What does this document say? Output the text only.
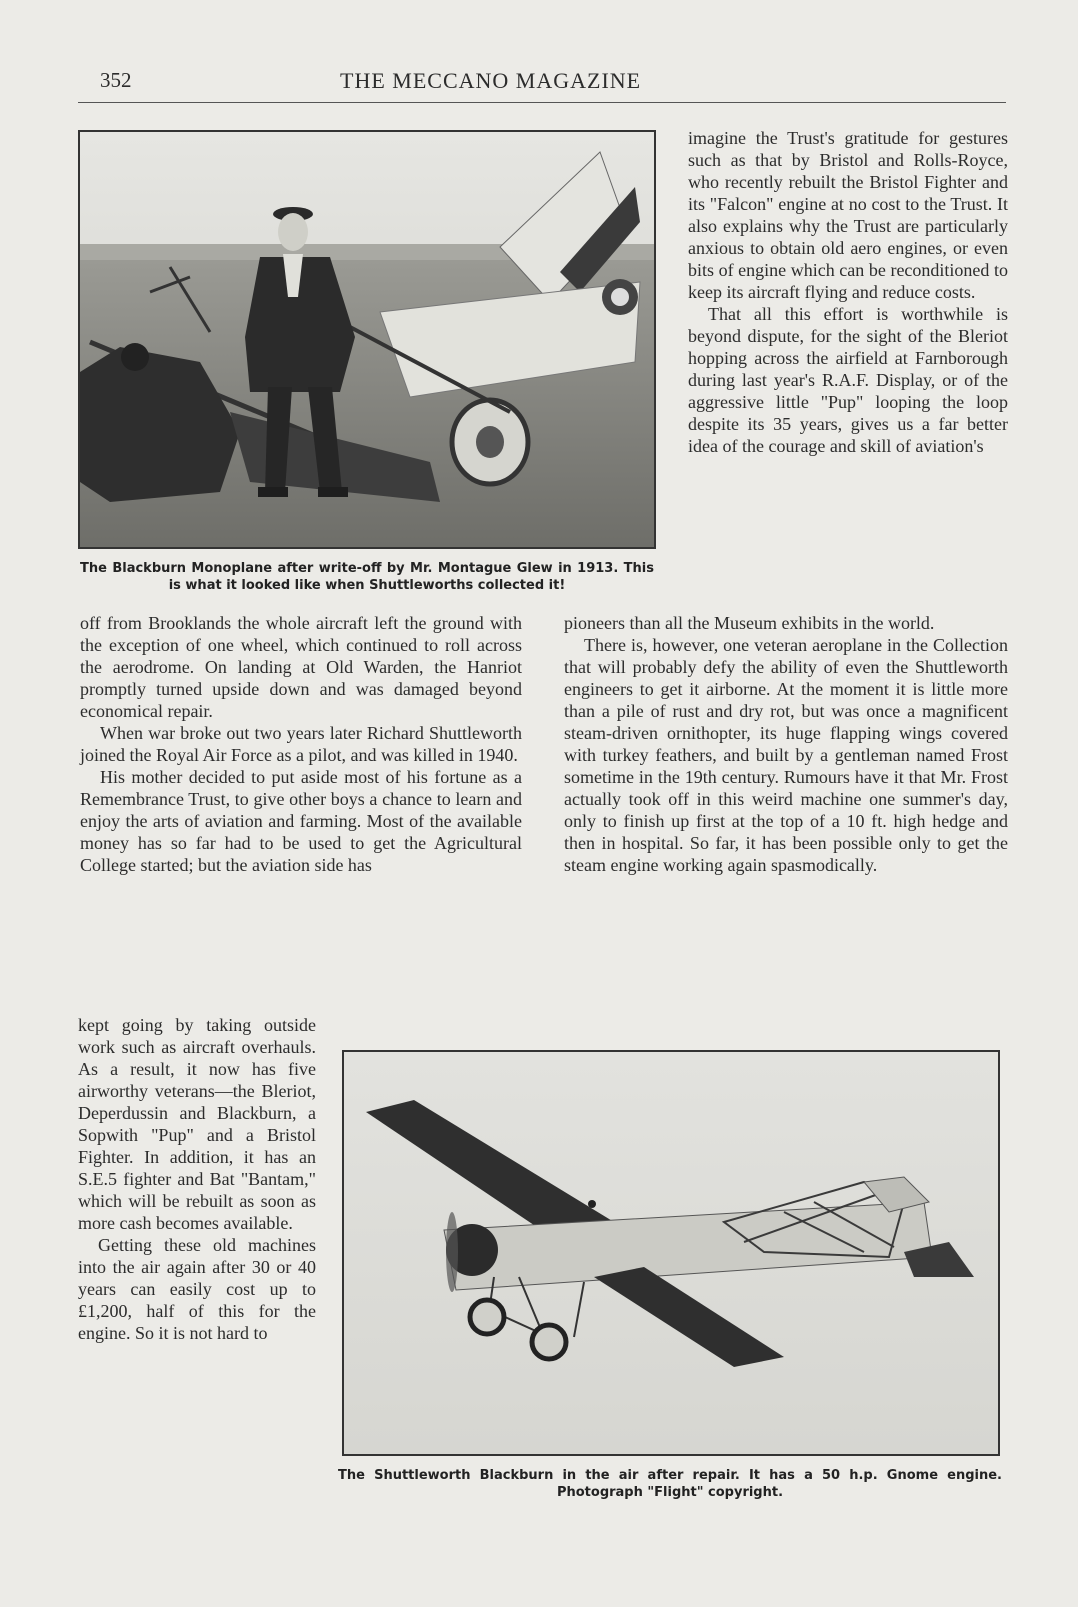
352	THE MECCANO MAGAZINE
The Blackburn Monoplane after write-off by Mr. Montague Glew in 1913. This is what it looked like when Shuttleworths collected it!

imagine the Trust's gratitude for gestures such as that by Bristol and Rolls-Royce, who recently rebuilt the Bristol Fighter and its "Falcon" engine at no cost to the Trust. It also explains why the Trust are particularly anxious to obtain old aero engines, or even bits of engine which can be reconditioned to keep its aircraft flying and reduce costs.

That all this effort is worthwhile is beyond dispute, for the sight of the Bleriot hopping across the airfield at Farnborough during last year's R.A.F. Display, or of the aggressive little "Pup" looping the loop despite its 35 years, gives us a far better idea of the courage and skill of aviation's

off from Brooklands the whole aircraft left the ground with the exception of one wheel, which continued to roll across the aerodrome. On landing at Old Warden, the Hanriot promptly turned upside down and was damaged beyond economical repair.

When war broke out two years later Richard Shuttleworth joined the Royal Air Force as a pilot, and was killed in 1940.

His mother decided to put aside most of his fortune as a Remembrance Trust, to give other boys a chance to learn and enjoy the arts of aviation and farming. Most of the available money has so far had to be used to get the Agricultural College started; but the aviation side has

pioneers than all the Museum exhibits in the world.

There is, however, one veteran aeroplane in the Collection that will probably defy the ability of even the Shuttleworth engineers to get it airborne. At the moment it is little more than a pile of rust and dry rot, but was once a magnificent steam-driven ornithopter, its huge flapping wings covered with turkey feathers, and built by a gentleman named Frost sometime in the 19th century. Rumours have it that Mr. Frost actually took off in this weird machine one summer's day, only to finish up first at the top of a 10 ft. high hedge and then in hospital. So far, it has been possible only to get the steam engine working again spasmodically.

kept going by taking outside work such as aircraft overhauls. As a result, it now has five airworthy veterans—the Bleriot, Deperdussin and Blackburn, a Sopwith "Pup" and a Bristol Fighter. In addition, it has an S.E.5 fighter and Bat "Bantam," which will be rebuilt as soon as more cash becomes available.

Getting these old machines into the air again after 30 or 40 years can easily cost up to £1,200, half of this for the engine. So it is not hard to

The Shuttleworth Blackburn in the air after repair. It has a 50 h.p. Gnome engine. Photograph "Flight" copyright.
